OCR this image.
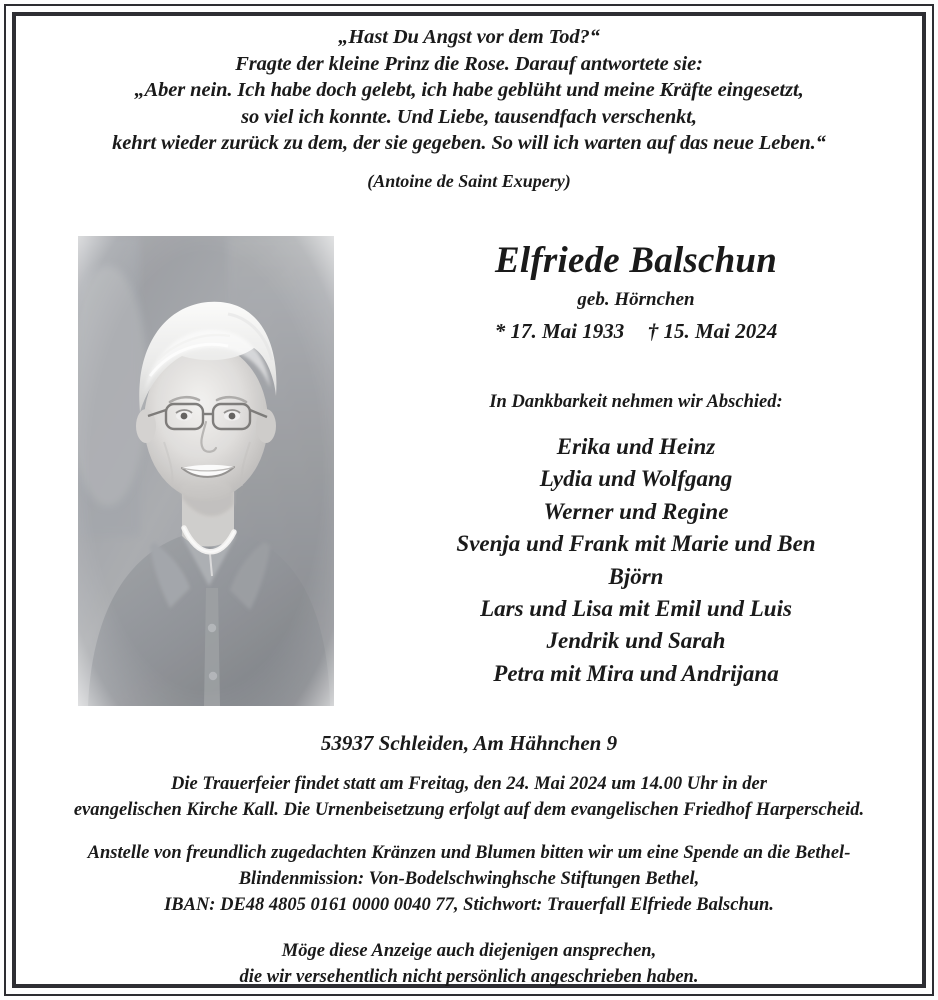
„Hast Du Angst vor dem Tod?“
Fragte der kleine Prinz die Rose. Darauf antwortete sie:
„Aber nein. Ich habe doch gelebt, ich habe geblüht und meine Kräfte eingesetzt,
so viel ich konnte. Und Liebe, tausendfach verschenkt,
kehrt wieder zurück zu dem, der sie gegeben. So will ich warten auf das neue Leben.“
(Antoine de Saint Exupery)
Elfriede Balschun
geb. Hörnchen
* 17. Mai 1933 † 15. Mai 2024
In Dankbarkeit nehmen wir Abschied:
Erika und Heinz
Lydia und Wolfgang
Werner und Regine
Svenja und Frank mit Marie und Ben
Björn
Lars und Lisa mit Emil und Luis
Jendrik und Sarah
Petra mit Mira und Andrijana
53937 Schleiden, Am Hähnchen 9
Die Trauerfeier findet statt am Freitag, den 24. Mai 2024 um 14.00 Uhr in der
evangelischen Kirche Kall. Die Urnenbeisetzung erfolgt auf dem evangelischen Friedhof Harperscheid.
Anstelle von freundlich zugedachten Kränzen und Blumen bitten wir um eine Spende an die Bethel-
Blindenmission: Von-Bodelschwinghsche Stiftungen Bethel,
IBAN: DE48 4805 0161 0000 0040 77, Stichwort: Trauerfall Elfriede Balschun.
Möge diese Anzeige auch diejenigen ansprechen,
die wir versehentlich nicht persönlich angeschrieben haben.
